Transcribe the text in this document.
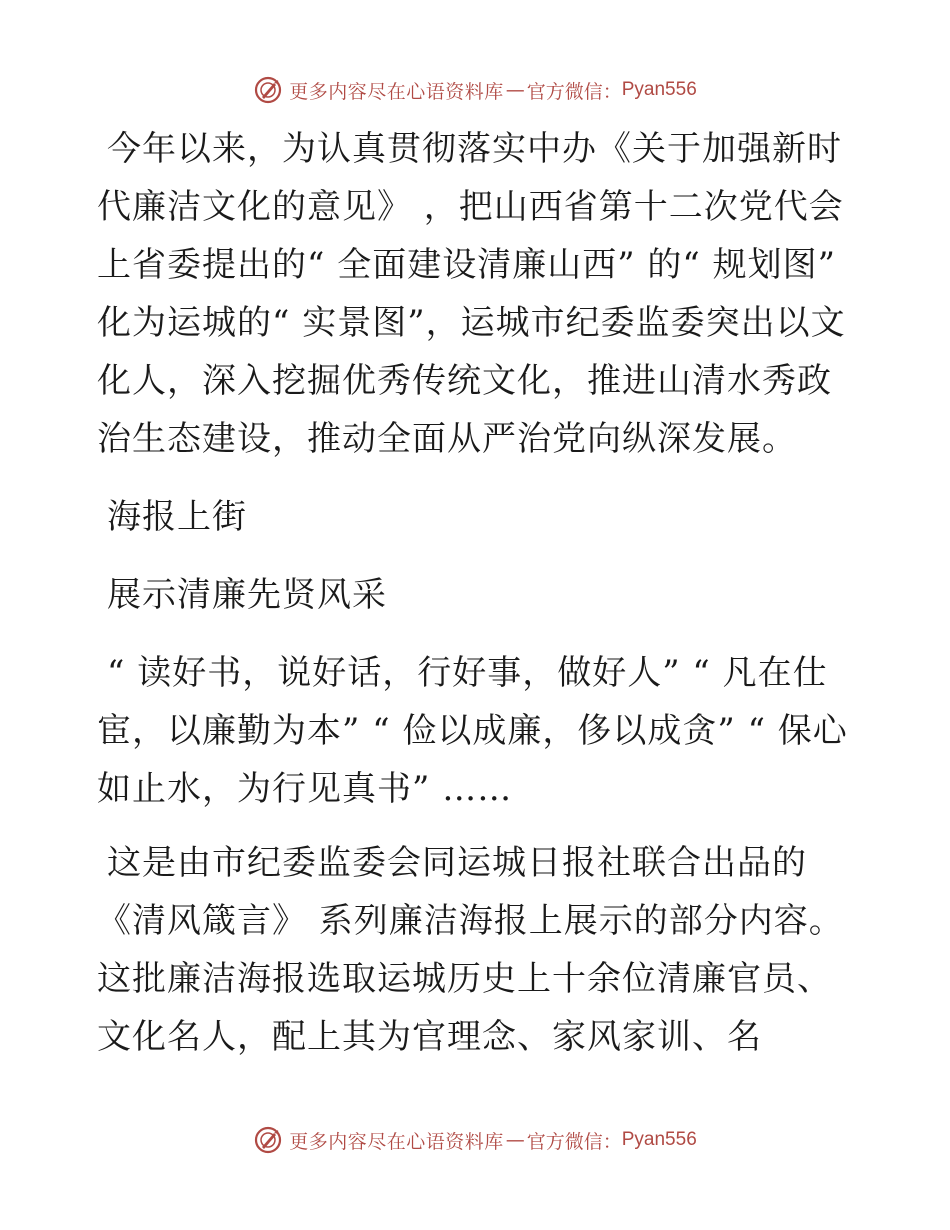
更多内容尽在心语资料库 — 官方微信： Pyan556

今年以来，为认真贯彻落实中办《关于加强新时代廉洁文化的意见》 ，把山西省第十二次党代会上省委提出的“ 全面建设清廉山西” 的“ 规划图” 化为运城的“ 实景图”，运城市纪委监委突出以文化人，深入挖掘优秀传统文化，推进山清水秀政治生态建设，推动全面从严治党向纵深发展。

海报上街

展示清廉先贤风采

“ 读好书，说好话，行好事，做好人” “ 凡在仕宦，以廉勤为本” “ 俭以成廉，侈以成贪” “ 保心如止水，为行见真书” ……

这是由市纪委监委会同运城日报社联合出品的《清风箴言》 系列廉洁海报上展示的部分内容。这批廉洁海报选取运城历史上十余位清廉官员、文化名人，配上其为官理念、家风家训、名

更多内容尽在心语资料库 — 官方微信： Pyan556
